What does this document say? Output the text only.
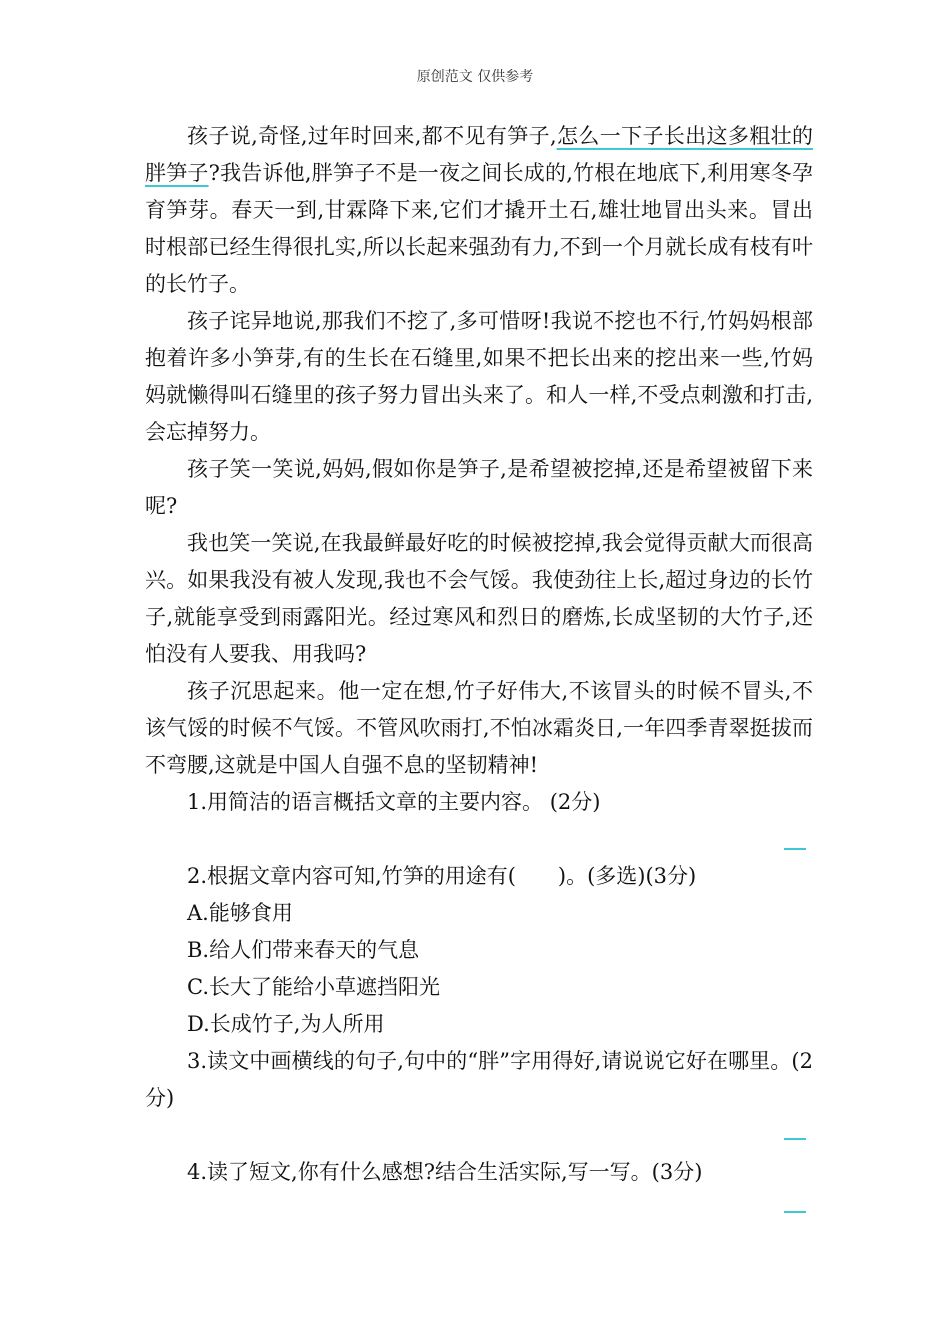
原创范文 仅供参考

孩子说,奇怪,过年时回来,都不见有笋子,怎么一下子长出这多粗壮的胖笋子?我告诉他,胖笋子不是一夜之间长成的,竹根在地底下,利用寒冬孕育笋芽。春天一到,甘霖降下来,它们才撬开土石,雄壮地冒出头来。冒出时根部已经生得很扎实,所以长起来强劲有力,不到一个月就长成有枝有叶的长竹子。

孩子诧异地说,那我们不挖了,多可惜呀!我说不挖也不行,竹妈妈根部抱着许多小笋芽,有的生长在石缝里,如果不把长出来的挖出来一些,竹妈妈就懒得叫石缝里的孩子努力冒出头来了。和人一样,不受点刺激和打击,会忘掉努力。

孩子笑一笑说,妈妈,假如你是笋子,是希望被挖掉,还是希望被留下来呢?

我也笑一笑说,在我最鲜最好吃的时候被挖掉,我会觉得贡献大而很高兴。如果我没有被人发现,我也不会气馁。我使劲往上长,超过身边的长竹子,就能享受到雨露阳光。经过寒风和烈日的磨炼,长成坚韧的大竹子,还怕没有人要我、用我吗?

孩子沉思起来。他一定在想,竹子好伟大,不该冒头的时候不冒头,不该气馁的时候不气馁。不管风吹雨打,不怕冰霜炎日,一年四季青翠挺拔而不弯腰,这就是中国人自强不息的坚韧精神!

1.用简洁的语言概括文章的主要内容。 (2分)

2.根据文章内容可知,竹笋的用途有(　　)。(多选)(3分)

A.能够食用

B.给人们带来春天的气息

C.长大了能给小草遮挡阳光

D.长成竹子,为人所用

3.读文中画横线的句子,句中的“胖”字用得好,请说说它好在哪里。(2分)

4.读了短文,你有什么感想?结合生活实际,写一写。(3分)
